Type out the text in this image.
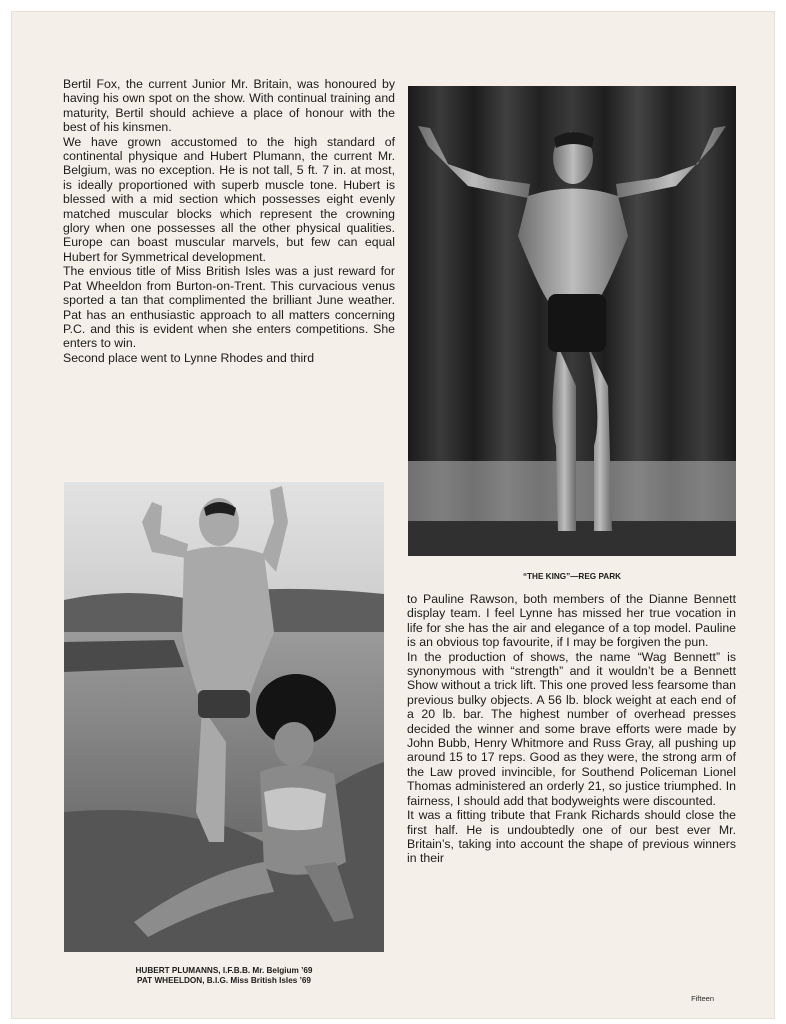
Bertil Fox, the current Junior Mr. Britain, was honoured by having his own spot on the show. With continual training and maturity, Bertil should achieve a place of honour with the best of his kinsmen.

We have grown accustomed to the high standard of continental physique and Hubert Plumann, the current Mr. Belgium, was no exception. He is not tall, 5 ft. 7 in. at most, is ideally proportioned with superb muscle tone. Hubert is blessed with a mid section which possesses eight evenly matched muscular blocks which represent the crowning glory when one possesses all the other physical qualities. Europe can boast muscular marvels, but few can equal Hubert for Symmetrical development.

The envious title of Miss British Isles was a just reward for Pat Wheeldon from Burton-on-Trent. This curvacious venus sported a tan that complimented the brilliant June weather. Pat has an enthusiastic approach to all matters concerning P.C. and this is evident when she enters competitions. She enters to win.

Second place went to Lynne Rhodes and third

“THE KING”—REG PARK

HUBERT PLUMANNS, I.F.B.B. Mr. Belgium ’69
PAT WHEELDON, B.I.G. Miss British Isles ’69

to Pauline Rawson, both members of the Dianne Bennett display team. I feel Lynne has missed her true vocation in life for she has the air and elegance of a top model. Pauline is an obvious top favourite, if I may be forgiven the pun.

In the production of shows, the name “Wag Bennett” is synonymous with “strength” and it wouldn’t be a Bennett Show without a trick lift. This one proved less fearsome than previous bulky objects. A 56 lb. block weight at each end of a 20 lb. bar. The highest number of overhead presses decided the winner and some brave efforts were made by John Bubb, Henry Whitmore and Russ Gray, all pushing up around 15 to 17 reps. Good as they were, the strong arm of the Law proved invincible, for Southend Policeman Lionel Thomas administered an orderly 21, so justice triumphed. In fairness, I should add that bodyweights were discounted.

It was a fitting tribute that Frank Richards should close the first half. He is undoubtedly one of our best ever Mr. Britain’s, taking into account the shape of previous winners in their

Fifteen
